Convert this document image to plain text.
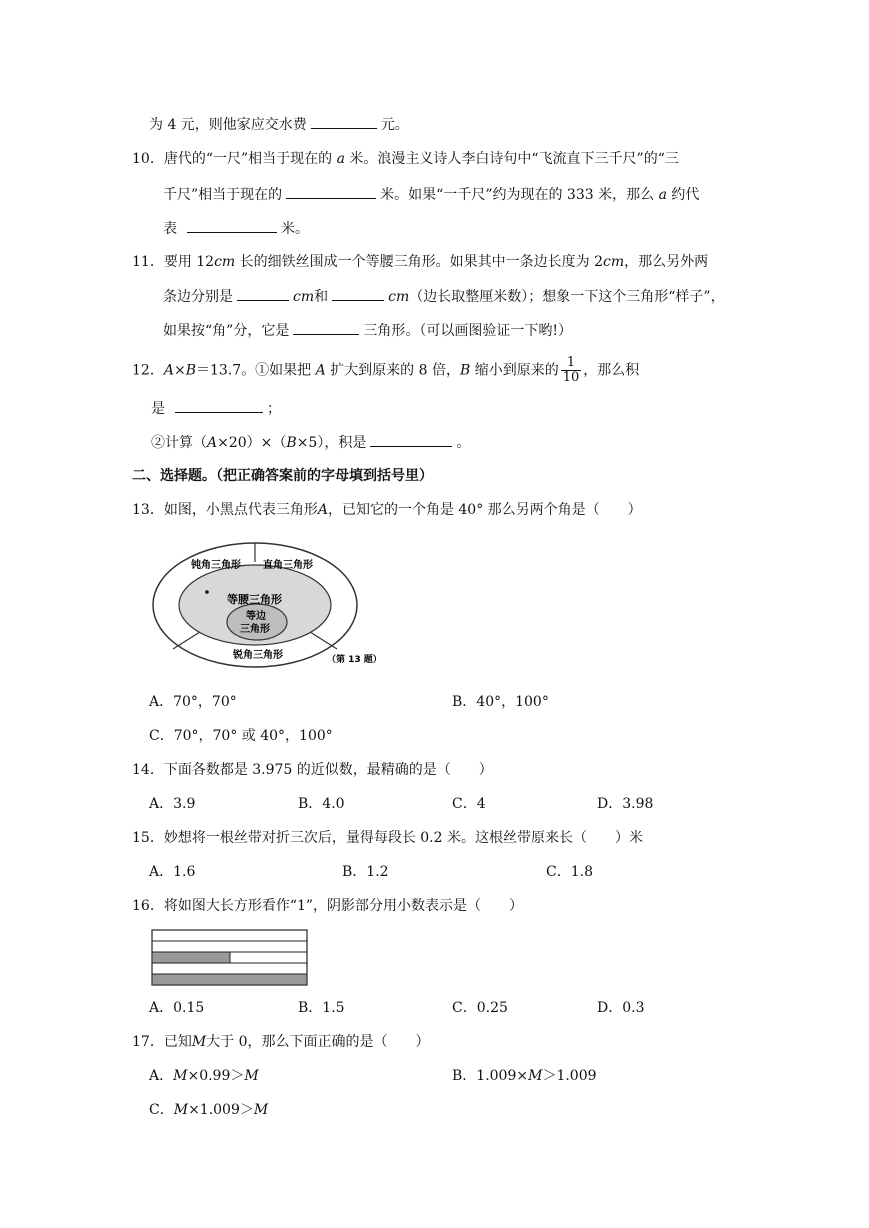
为 4 元，则他家应交水费	元。
10．唐代的“一尺”相当于现在的 a 米。浪漫主义诗人李白诗句中“飞流直下三千尺”的“三
千尺”相当于现在的	米。如果“一千尺”约为现在的 333 米，那么 a 约代
表	米。
11．要用 12cm 长的细铁丝围成一个等腰三角形。如果其中一条边长度为 2cm，那么另外两
条边分别是	cm和	cm（边长取整厘米数）；想象一下这个三角形“样子”，
如果按“角”分，它是	三角形。（可以画图验证一下哟!）
12．A×B＝13.7。①如果把 A 扩大到原来的 8 倍，B 缩小到原来的 $\frac{1}{10}$ ，那么积
是	；
②计算（A×20）×（B×5），积是	。
二、选择题。（把正确答案前的字母填到括号里）
13．如图，小黑点代表三角形A，已知它的一个角是 40° 那么另两个角是（　　）
钝角三角形 直角三角形
等腰三角形
等边
三角形
锐角三角形	（第 13 题）
A．70°，70°	B．40°，100°
C．70°，70° 或 40°，100°
14．下面各数都是 3.975 的近似数，最精确的是（　　）
A．3.9	B．4.0	C．4	D．3.98
15．妙想将一根丝带对折三次后，量得每段长 0.2 米。这根丝带原来长（　　）米
A．1.6	B．1.2	C．1.8
16．将如图大长方形看作“1”，阴影部分用小数表示是（　　）
A．0.15	B．1.5	C．0.25	D．0.3
17．已知M大于 0，那么下面正确的是（　　）
A．M×0.99＞M	B．1.009×M＞1.009
C．M×1.009＞M
